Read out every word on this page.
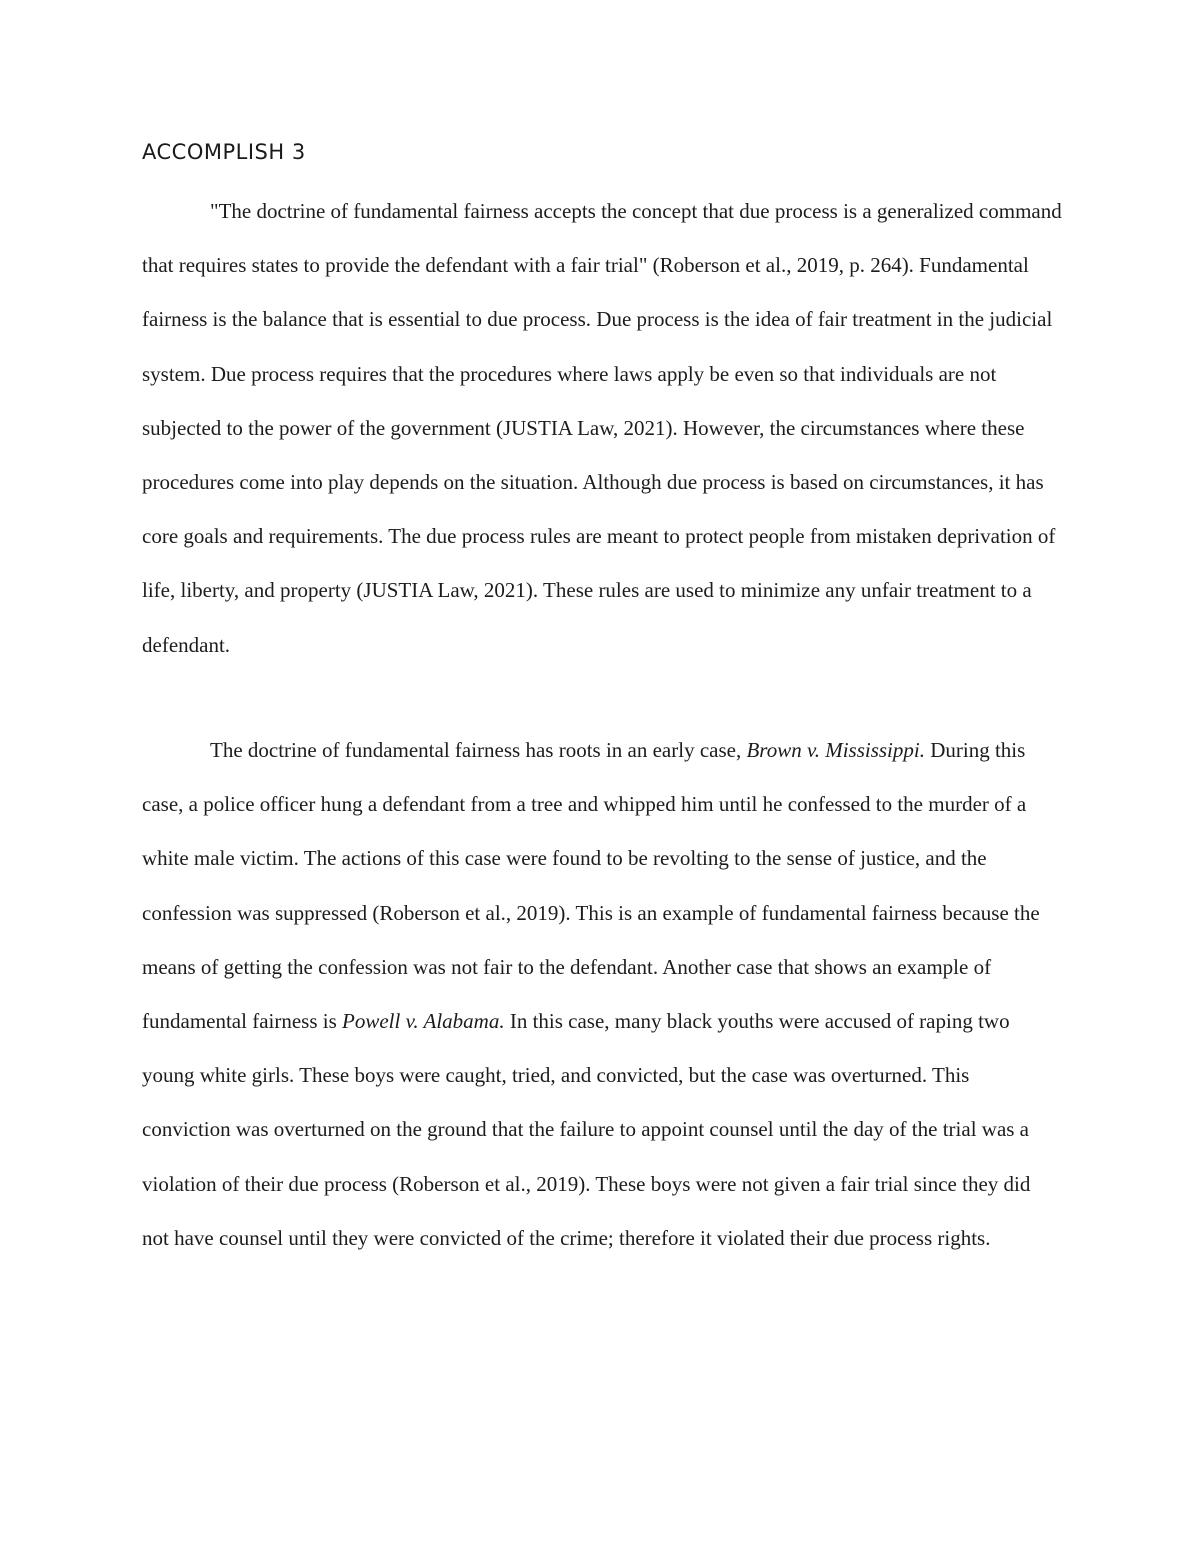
ACCOMPLISH 3

"The doctrine of fundamental fairness accepts the concept that due process is a generalized command that requires states to provide the defendant with a fair trial" (Roberson et al., 2019, p. 264). Fundamental fairness is the balance that is essential to due process. Due process is the idea of fair treatment in the judicial system. Due process requires that the procedures where laws apply be even so that individuals are not subjected to the power of the government (JUSTIA Law, 2021). However, the circumstances where these procedures come into play depends on the situation. Although due process is based on circumstances, it has core goals and requirements. The due process rules are meant to protect people from mistaken deprivation of life, liberty, and property (JUSTIA Law, 2021). These rules are used to minimize any unfair treatment to a defendant.

The doctrine of fundamental fairness has roots in an early case, Brown v. Mississippi. During this case, a police officer hung a defendant from a tree and whipped him until he confessed to the murder of a white male victim. The actions of this case were found to be revolting to the sense of justice, and the confession was suppressed (Roberson et al., 2019). This is an example of fundamental fairness because the means of getting the confession was not fair to the defendant. Another case that shows an example of fundamental fairness is Powell v. Alabama. In this case, many black youths were accused of raping two young white girls. These boys were caught, tried, and convicted, but the case was overturned. This conviction was overturned on the ground that the failure to appoint counsel until the day of the trial was a violation of their due process (Roberson et al., 2019). These boys were not given a fair trial since they did not have counsel until they were convicted of the crime; therefore it violated their due process rights.
